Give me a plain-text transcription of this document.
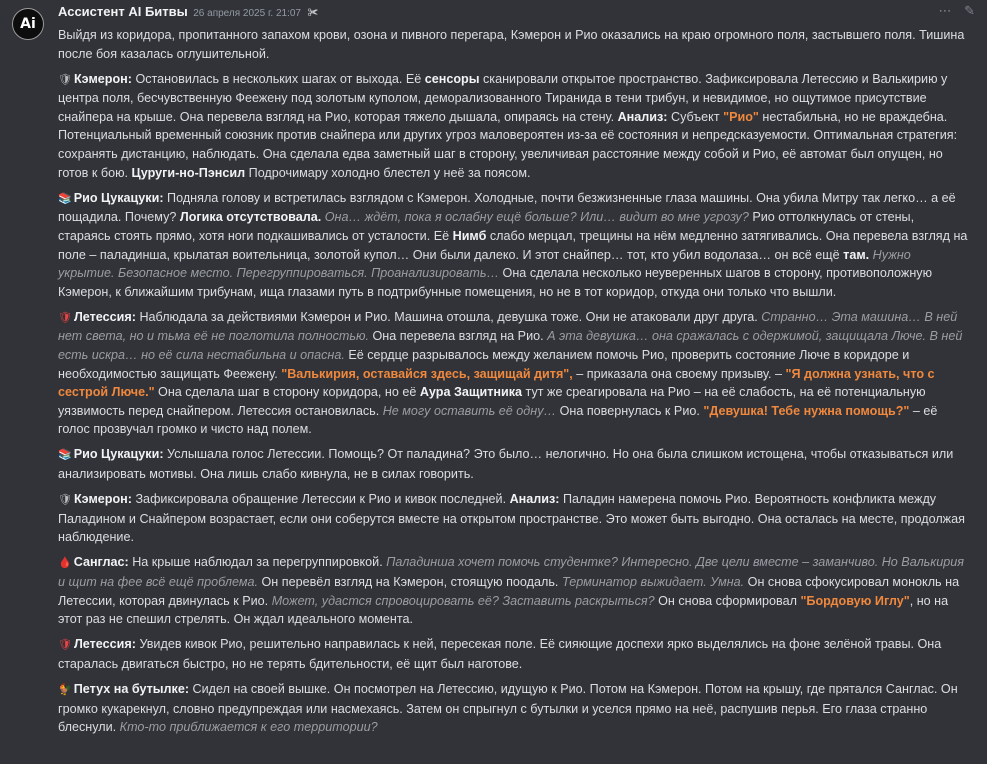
Ai
⋯ ✎
Ассистент AI Битвы 26 апреля 2025 г. 21:07 ✀

Выйдя из коридора, пропитанного запахом крови, озона и пивного перегара, Кэмерон и Рио оказались на краю огромного поля, застывшего поля. Тишина после боя казалась оглушительной.

🛡 Кэмерон: Остановилась в нескольких шагах от выхода. Её сенсоры сканировали открытое пространство. Зафиксировала Летессию и Валькирию у центра поля, бесчувственную Феежену под золотым куполом, деморализованного Тиранида в тени трибун, и невидимое, но ощутимое присутствие снайпера на крыше. Она перевела взгляд на Рио, которая тяжело дышала, опираясь на стену. Анализ: Субъект "Рио" нестабильна, но не враждебна. Потенциальный временный союзник против снайпера или других угроз маловероятен из-за её состояния и непредсказуемости. Оптимальная стратегия: сохранять дистанцию, наблюдать. Она сделала едва заметный шаг в сторону, увеличивая расстояние между собой и Рио, её автомат был опущен, но готов к бою. Цуруги-но-Пэнсил Подрочимару холодно блестел у неё за поясом.

📚 Рио Цукацуки: Подняла голову и встретилась взглядом с Кэмерон. Холодные, почти безжизненные глаза машины. Она убила Митру так легко… а её пощадила. Почему? Логика отсутствовала. Она… ждёт, пока я ослабну ещё больше? Или… видит во мне угрозу? Рио оттолкнулась от стены, стараясь стоять прямо, хотя ноги подкашивались от усталости. Её Нимб слабо мерцал, трещины на нём медленно затягивались. Она перевела взгляд на поле – паладинша, крылатая воительница, золотой купол… Они были далеко. И этот снайпер… тот, кто убил водолаза… он всё ещё там. Нужно укрытие. Безопасное место. Перегруппироваться. Проанализировать… Она сделала несколько неуверенных шагов в сторону, противоположную Кэмерон, к ближайшим трибунам, ища глазами путь в подтрибунные помещения, но не в тот коридор, откуда они только что вышли.

🛡 Летессия: Наблюдала за действиями Кэмерон и Рио. Машина отошла, девушка тоже. Они не атаковали друг друга. Странно… Эта машина… В ней нет света, но и тьма её не поглотила полностью. Она перевела взгляд на Рио. А эта девушка… она сражалась с одержимой, защищала Люче. В ней есть искра… но её сила нестабильна и опасна. Её сердце разрывалось между желанием помочь Рио, проверить состояние Люче в коридоре и необходимостью защищать Феежену. "Валькирия, оставайся здесь, защищай дитя", – приказала она своему призыву. – "Я должна узнать, что с сестрой Люче." Она сделала шаг в сторону коридора, но её Аура Защитника тут же среагировала на Рио – на её слабость, на её потенциальную уязвимость перед снайпером. Летессия остановилась. Не могу оставить её одну… Она повернулась к Рио. "Девушка! Тебе нужна помощь?" – её голос прозвучал громко и чисто над полем.

📚 Рио Цукацуки: Услышала голос Летессии. Помощь? От паладина? Это было… нелогично. Но она была слишком истощена, чтобы отказываться или анализировать мотивы. Она лишь слабо кивнула, не в силах говорить.

🛡 Кэмерон: Зафиксировала обращение Летессии к Рио и кивок последней. Анализ: Паладин намерена помочь Рио. Вероятность конфликта между Паладином и Снайпером возрастает, если они соберутся вместе на открытом пространстве. Это может быть выгодно. Она осталась на месте, продолжая наблюдение.

🩸 Санглас: На крыше наблюдал за перегруппировкой. Паладинша хочет помочь студентке? Интересно. Две цели вместе – заманчиво. Но Валькирия и щит на фее всё ещё проблема. Он перевёл взгляд на Кэмерон, стоящую поодаль. Терминатор выжидает. Умна. Он снова сфокусировал монокль на Летессии, которая двинулась к Рио. Может, удастся спровоцировать её? Заставить раскрыться? Он снова сформировал "Бордовую Иглу", но на этот раз не спешил стрелять. Он ждал идеального момента.

🛡 Летессия: Увидев кивок Рио, решительно направилась к ней, пересекая поле. Её сияющие доспехи ярко выделялись на фоне зелёной травы. Она старалась двигаться быстро, но не терять бдительности, её щит был наготове.

🐓 Петух на бутылке: Сидел на своей вышке. Он посмотрел на Летессию, идущую к Рио. Потом на Кэмерон. Потом на крышу, где прятался Санглас. Он громко кукарекнул, словно предупреждая или насмехаясь. Затем он спрыгнул с бутылки и уселся прямо на неё, распушив перья. Его глаза странно блеснули. Кто-то приближается к его территории?
